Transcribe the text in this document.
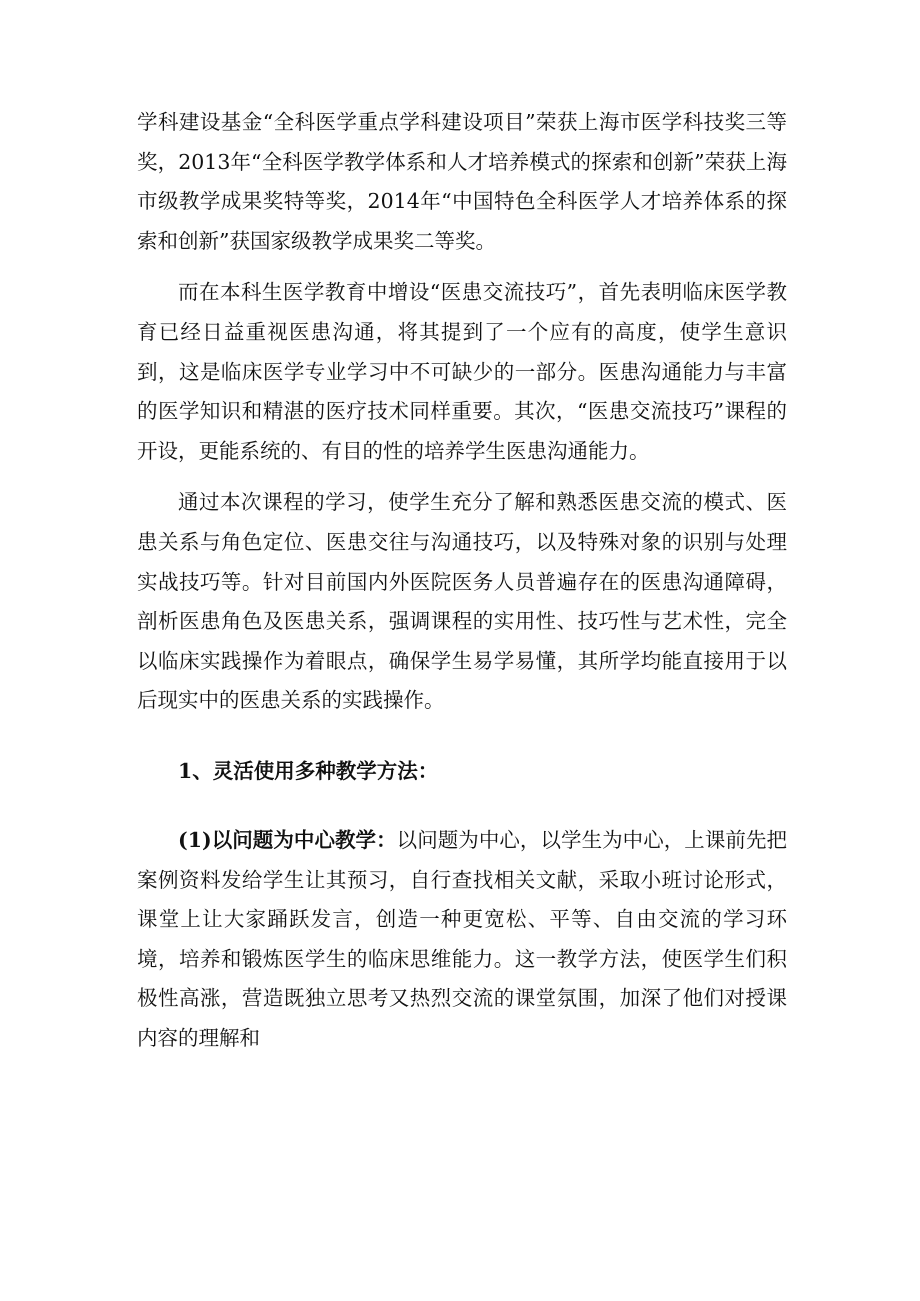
学科建设基金“全科医学重点学科建设项目”荣获上海市医学科技奖三等奖，2013年“全科医学教学体系和人才培养模式的探索和创新”荣获上海市级教学成果奖特等奖，2014年“中国特色全科医学人才培养体系的探索和创新”获国家级教学成果奖二等奖。

而在本科生医学教育中增设“医患交流技巧”，首先表明临床医学教育已经日益重视医患沟通，将其提到了一个应有的高度，使学生意识到，这是临床医学专业学习中不可缺少的一部分。医患沟通能力与丰富的医学知识和精湛的医疗技术同样重要。其次，“医患交流技巧”课程的开设，更能系统的、有目的性的培养学生医患沟通能力。

通过本次课程的学习，使学生充分了解和熟悉医患交流的模式、医患关系与角色定位、医患交往与沟通技巧，以及特殊对象的识别与处理实战技巧等。针对目前国内外医院医务人员普遍存在的医患沟通障碍，剖析医患角色及医患关系，强调课程的实用性、技巧性与艺术性，完全以临床实践操作为着眼点，确保学生易学易懂，其所学均能直接用于以后现实中的医患关系的实践操作。

1、灵活使用多种教学方法：

(1)以问题为中心教学：以问题为中心，以学生为中心，上课前先把案例资料发给学生让其预习，自行查找相关文献，采取小班讨论形式，课堂上让大家踊跃发言，创造一种更宽松、平等、自由交流的学习环境，培养和锻炼医学生的临床思维能力。这一教学方法，使医学生们积极性高涨，营造既独立思考又热烈交流的课堂氛围，加深了他们对授课内容的理解和
